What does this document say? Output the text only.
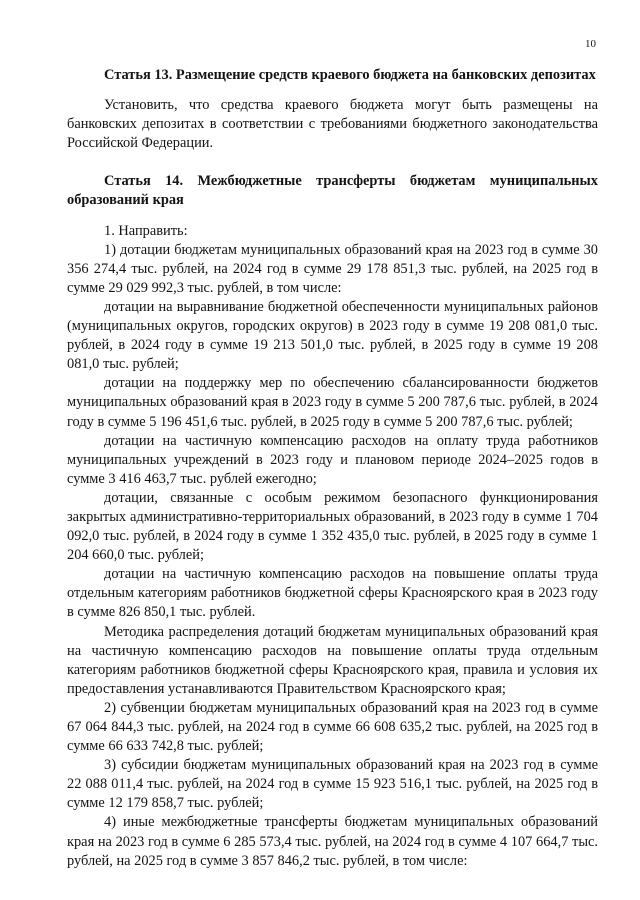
10

Статья 13. Размещение средств краевого бюджета на банковских депозитах

Установить, что средства краевого бюджета могут быть размещены на банковских депозитах в соответствии с требованиями бюджетного законодательства Российской Федерации.

Статья 14. Межбюджетные трансферты бюджетам муниципальных образований края

1. Направить:

1) дотации бюджетам муниципальных образований края на 2023 год в сумме 30 356 274,4 тыс. рублей, на 2024 год в сумме 29 178 851,3 тыс. рублей, на 2025 год в сумме 29 029 992,3 тыс. рублей, в том числе:

дотации на выравнивание бюджетной обеспеченности муниципальных районов (муниципальных округов, городских округов) в 2023 году в сумме 19 208 081,0 тыс. рублей, в 2024 году в сумме 19 213 501,0 тыс. рублей, в 2025 году в сумме 19 208 081,0 тыс. рублей;

дотации на поддержку мер по обеспечению сбалансированности бюджетов муниципальных образований края в 2023 году в сумме 5 200 787,6 тыс. рублей, в 2024 году в сумме 5 196 451,6 тыс. рублей, в 2025 году в сумме 5 200 787,6 тыс. рублей;

дотации на частичную компенсацию расходов на оплату труда работников муниципальных учреждений в 2023 году и плановом периоде 2024–2025 годов в сумме 3 416 463,7 тыс. рублей ежегодно;

дотации, связанные с особым режимом безопасного функционирования закрытых административно-территориальных образований, в 2023 году в сумме 1 704 092,0 тыс. рублей, в 2024 году в сумме 1 352 435,0 тыс. рублей, в 2025 году в сумме 1 204 660,0 тыс. рублей;

дотации на частичную компенсацию расходов на повышение оплаты труда отдельным категориям работников бюджетной сферы Красноярского края в 2023 году в сумме 826 850,1 тыс. рублей.

Методика распределения дотаций бюджетам муниципальных образований края на частичную компенсацию расходов на повышение оплаты труда отдельным категориям работников бюджетной сферы Красноярского края, правила и условия их предоставления устанавливаются Правительством Красноярского края;

2) субвенции бюджетам муниципальных образований края на 2023 год в сумме 67 064 844,3 тыс. рублей, на 2024 год в сумме 66 608 635,2 тыс. рублей, на 2025 год в сумме 66 633 742,8 тыс. рублей;

3) субсидии бюджетам муниципальных образований края на 2023 год в сумме 22 088 011,4 тыс. рублей, на 2024 год в сумме 15 923 516,1 тыс. рублей, на 2025 год в сумме 12 179 858,7 тыс. рублей;

4) иные межбюджетные трансферты бюджетам муниципальных образований края на 2023 год в сумме 6 285 573,4 тыс. рублей, на 2024 год в сумме 4 107 664,7 тыс. рублей, на 2025 год в сумме 3 857 846,2 тыс. рублей, в том числе:
